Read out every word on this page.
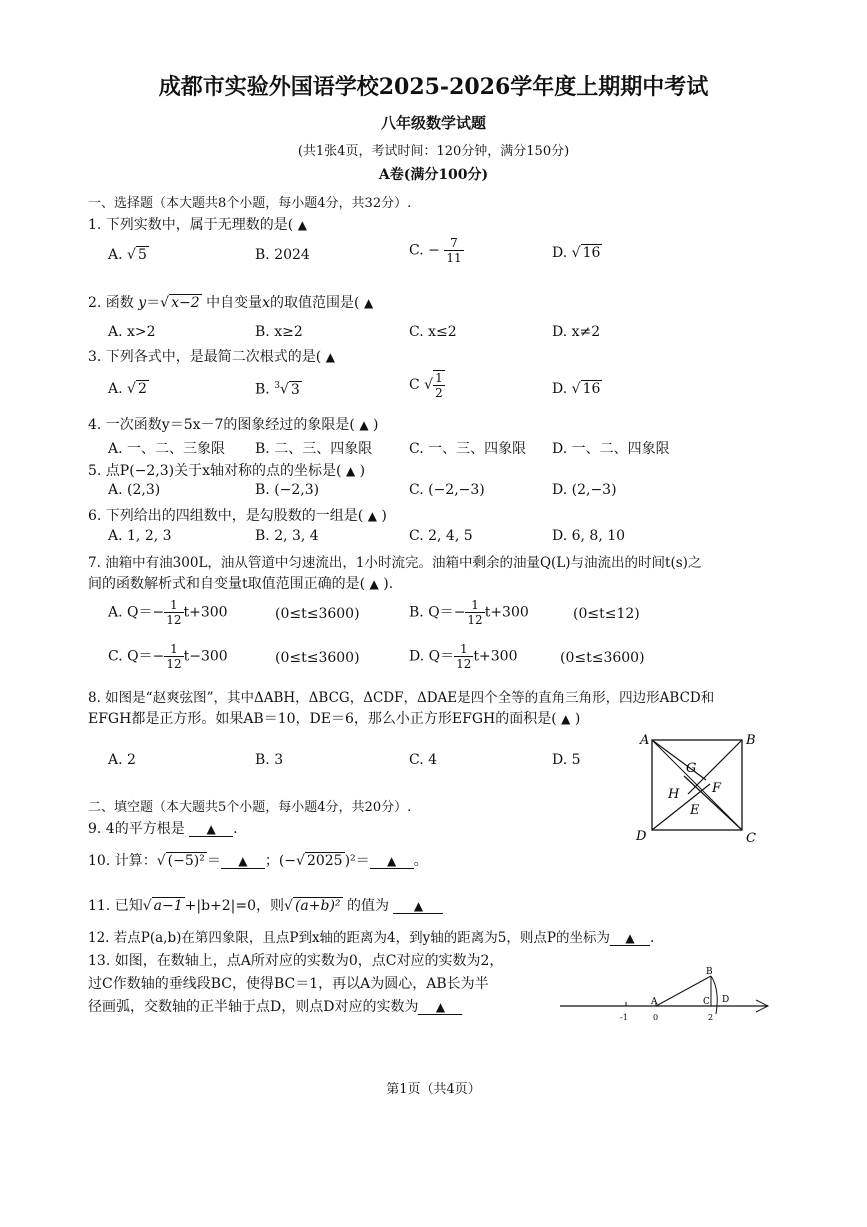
成都市实验外国语学校2025-2026学年度上期期中考试
八年级数学试题
(共1张4页，考试时间：120分钟，满分150分)
A卷(满分100分)
一、选择题（本大题共8个小题，每小题4分，共32分）.
1. 下列实数中，属于无理数的是( ▲
A. √ 5	B. 2024	C. − $\frac{7}{11}$	D. √ 16
2. 函数 y＝√ x−2 中自变量x的取值范围是( ▲
A. x>2	B. x≥2	C. x≤2	D. x≠2
3. 下列各式中，是最简二次根式的是( ▲
A. √ 2	B. $^3$√ 3	C √ $\frac{1}{2}$	D. √ 16
4. 一次函数y＝5x－7的图象经过的象限是( ▲ )
A. 一、二、三象限 B. 二、三、四象限	C. 一、三、四象限 D. 一、二、四象限
5. 点P(−2,3)关于x轴对称的点的坐标是( ▲ )
A. (2,3)	B. (−2,3)	C. (−2,−3)	D. (2,−3)
6. 下列给出的四组数中，是勾股数的一组是( ▲ )
A. 1, 2, 3	B. 2, 3, 4	C. 2, 4, 5	D. 6, 8, 10
7. 油箱中有油300L，油从管道中匀速流出，1小时流完。油箱中剩余的油量Q(L)与油流出的时间t(s)之
间的函数解析式和自变量t取值范围正确的是( ▲ ).
A. $Q=- \frac{1}{12} t+300$	(0≤t≤3600)	B. $Q=- \frac{1}{12} t+300$	(0≤t≤12)
C. $Q=- \frac{1}{12} t-300$	(0≤t≤3600)	D. $Q= \frac{1}{12} t+300$	(0≤t≤3600)
8. 如图是“赵爽弦图”，其中ΔABH，ΔBCG，ΔCDF，ΔDAE是四个全等的直角三角形，四边形ABCD和
EFGH都是正方形。如果AB＝10，DE＝6，那么小正方形EFGH的面积是( ▲ )
A. 2	B. 3	C. 4	D. 5
A	B
C
D
E
F
G
H
二、填空题（本大题共5个小题，每小题4分，共20分）.
9. 4的平方根是 ▲ .
10. 计算：√ (−5)² ＝ ▲ ；(−√ 2025 )²＝ ▲ 。
11. 已知√ a−1 +|b+2|=0，则√ (a+b)² 的值为 ▲
12. 若点P(a,b)在第四象限，且点P到x轴的距离为4，到y轴的距离为5，则点P的坐标为 ▲ .
13. 如图，在数轴上，点A所对应的实数为0，点C对应的实数为2，
过C作数轴的垂线段BC，使得BC＝1，再以A为圆心，AB长为半
径画弧，交数轴的正半轴于点D，则点D对应的实数为 ▲
B
A	C D
-1	0	2
第1页（共4页）
